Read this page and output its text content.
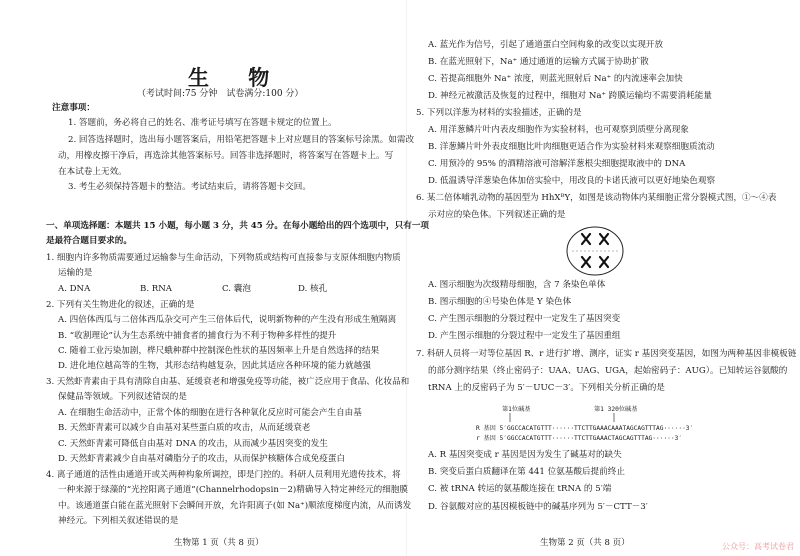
生 物
（考试时间:75 分钟　试卷满分:100 分）
注意事项：
1. 答题前，务必将自己的姓名、准考证号填写在答题卡规定的位置上。
2. 回答选择题时，选出每小题答案后，用铅笔把答题卡上对应题目的答案标号涂黑。如需改
动，用橡皮擦干净后，再选涂其他答案标号。回答非选择题时，将答案写在答题卡上。写
在本试卷上无效。
3. 考生必须保持答题卡的整洁。考试结束后，请将答题卡交回。
一、单项选择题：本题共 15 小题，每小题 3 分，共 45 分。在每小题给出的四个选项中，只有一项
是最符合题目要求的。
1. 细胞内许多物质需要通过运输参与生命活动，下列物质或结构可直接参与支原体细胞内物质
运输的是
A. DNA	B. RNA	C. 囊泡	D. 核孔
2. 下列有关生物进化的叙述，正确的是
A. 四倍体西瓜与二倍体西瓜杂交可产生三倍体后代，说明新物种的产生没有形成生殖隔离
B. “收割理论”认为生态系统中捕食者的捕食行为不利于物种多样性的提升
C. 随着工业污染加剧，桦尺蛾种群中控制深色性状的基因频率上升是自然选择的结果
D. 进化地位越高等的生物，其形态结构越复杂，因此其适应各种环境的能力就越强
3. 天然虾青素由于具有清除自由基、延缓衰老和增强免疫等功能，被广泛应用于食品、化妆品和
保健品等领域。下列叙述错误的是
A. 在细胞生命活动中，正常个体的细胞在进行各种氧化反应时可能会产生自由基
B. 天然虾青素可以减少自由基对某些蛋白质的攻击，从而延缓衰老
C. 天然虾青素可降低自由基对 DNA 的攻击，从而减少基因突变的发生
D. 天然虾青素减少自由基对磷脂分子的攻击，从而保护核糖体合成免疫蛋白
4. 离子通道的活性由通道开或关两种构象所调控，即是门控的。科研人员利用光遗传技术，将
一种来源于绿藻的“光控阳离子通道”(Channelrhodopsin－2)精确导入特定神经元的细胞膜
中。该通道蛋白能在蓝光照射下会瞬间开放，允许阳离子(如 Na⁺)顺浓度梯度内流，从而诱发
神经元。下列相关叙述错误的是
生物第 1 页（共 8 页）
A. 蓝光作为信号，引起了通道蛋白空间构象的改变以实现开放
B. 在蓝光照射下，Na⁺ 通过通道的运输方式属于协助扩散
C. 若提高细胞外 Na⁺ 浓度，则蓝光照射后 Na⁺ 的内流速率会加快
D. 神经元被激活及恢复的过程中，细胞对 Na⁺ 跨膜运输均不需要消耗能量
5. 下列以洋葱为材料的实验描述，正确的是
A. 用洋葱鳞片叶内表皮细胞作为实验材料，也可观察到质壁分离现象
B. 洋葱鳞片叶外表皮细胞比叶肉细胞更适合作为实验材料来观察细胞质流动
C. 用预冷的 95% 的酒精溶液可溶解洋葱根尖细胞提取液中的 DNA
D. 低温诱导洋葱染色体加倍实验中，用改良的卡诺氏液可以更好地染色观察
6. 某二倍体哺乳动物的基因型为 HhXᴮY，如图是该动物体内某细胞正常分裂模式图，①～④表
示对应的染色体。下列叙述正确的是
A. 图示细胞为次级精母细胞，含 7 条染色单体
B. 图示细胞的④号染色体是 Y 染色体
C. 产生图示细胞的分裂过程中一定发生了基因突变
D. 产生图示细胞的分裂过程中一定发生了基因重组
7. 科研人员将一对等位基因 R、r 进行扩增、测序，证实 r 基因突变基因，如图为两种基因非模板链
的部分测序结果（终止密码子：UAA、UAG、UGA，起始密码子：AUG）。已知转运谷氨酸的
tRNA 上的反密码子为 5′－UUC－3′。下列相关分析正确的是
第1位碱基	第1 320位碱基
R 基因 5′GGCCACATGTTT······TTCTTGAAACAAATAGCAGTTTAG······3′
r 基因 5′GGCCACATGTTT······TTCTTGAAACTAGCAGTTTAG······3′
A. R 基因突变成 r 基因是因为发生了碱基对的缺失
B. 突变后蛋白质翻译在第 441 位氨基酸后提前终止
C. 被 tRNA 转运的氨基酸连接在 tRNA 的 5′端
D. 谷氨酸对应的基因模板链中的碱基序列为 5′－CTT－3′
生物第 2 页（共 8 页）	公众号：高考试卷君
